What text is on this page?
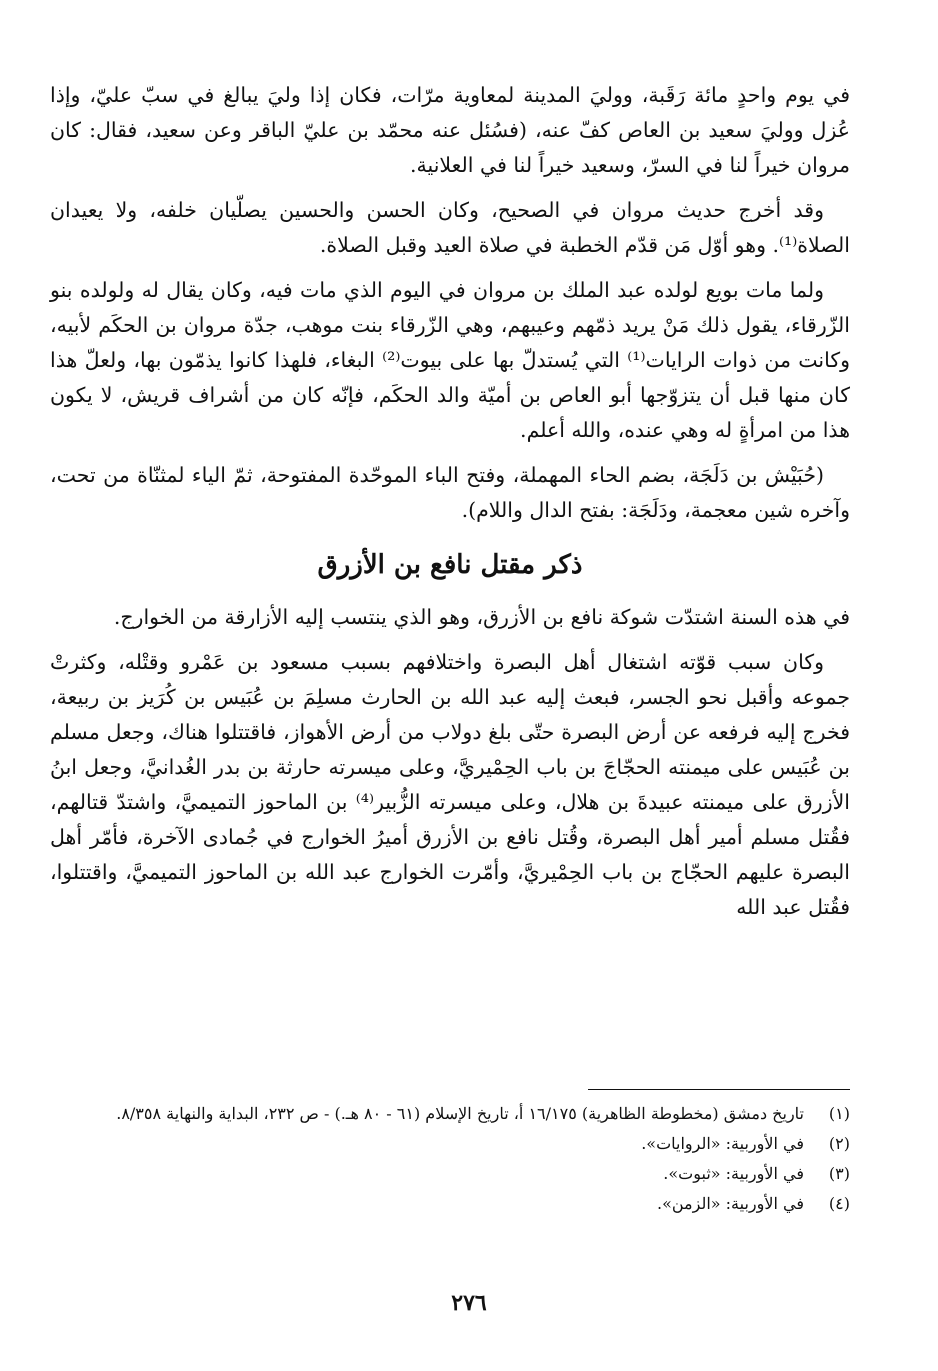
في يوم واحدٍ مائة رَقَبة، ووليَ المدينة لمعاوية مرّات، فكان إذا وليَ يبالغ في سبّ عليّ، وإذا عُزل ووليَ سعيد بن العاص كفّ عنه، (فسُئل عنه محمّد بن عليّ الباقر وعن سعيد، فقال: كان مروان خيراً لنا في السرّ، وسعيد خيراً لنا في العلانية.

وقد أخرج حديث مروان في الصحيح، وكان الحسن والحسين يصلّيان خلفه، ولا يعيدان الصلاة⁽¹⁾. وهو أوّل مَن قدّم الخطبة في صلاة العيد وقبل الصلاة.

ولما مات بويع لولده عبد الملك بن مروان في اليوم الذي مات فيه، وكان يقال له ولولده بنو الزّرقاء، يقول ذلك مَنْ يريد ذمّهم وعيبهم، وهي الزّرقاء بنت موهب، جدّة مروان بن الحكَم لأبيه، وكانت من ذوات الرايات⁽¹⁾ التي يُستدلّ بها على بيوت⁽²⁾ البغاء، فلهذا كانوا يذمّون بها، ولعلّ هذا كان منها قبل أن يتزوّجها أبو العاص بن أميّة والد الحكَم، فإنّه كان من أشراف قريش، لا يكون هذا من امرأةٍ له وهي عنده، والله أعلم.

(حُبَيْش بن دَلَجَة، بضم الحاء المهملة، وفتح الباء الموحّدة المفتوحة، ثمّ الياء لمثنّاة من تحت، وآخره شين معجمة، ودَلَجَة: بفتح الدال واللام).

ذكر مقتل نافع بن الأزرق

في هذه السنة اشتدّت شوكة نافع بن الأزرق، وهو الذي ينتسب إليه الأزارقة من الخوارج.

وكان سبب قوّته اشتغال أهل البصرة واختلافهم بسبب مسعود بن عَمْرو وقتْله، وكثرتْ جموعه وأقبل نحو الجسر، فبعث إليه عبد الله بن الحارث مسلِمَ بن عُبَيس بن كُرَيز بن ربيعة، فخرج إليه فرفعه عن أرض البصرة حتّى بلغ دولاب من أرض الأهواز، فاقتتلوا هناك، وجعل مسلم بن عُبَيس على ميمنته الحجّاجَ بن باب الحِمْيريَّ، وعلى ميسرته حارثة بن بدر الغُدانيَّ، وجعل ابنُ الأزرق على ميمنته عبيدةَ بن هلال، وعلى ميسرته الزُّبير⁽⁴⁾ بن الماحوز التميميَّ، واشتدّ قتالهم، فقُتل مسلم أمير أهل البصرة، وقُتل نافع بن الأزرق أميرُ الخوارج في جُمادى الآخرة، فأمّر أهل البصرة عليهم الحجّاج بن باب الحِمْيريَّ، وأمّرت الخوارج عبد الله بن الماحوز التميميَّ، واقتتلوا، فقُتل عبد الله

(١)
تاريخ دمشق (مخطوطة الظاهرية) ١٦/١٧٥ أ، تاريخ الإسلام (٦١ - ٨٠ هـ.) - ص ٢٣٢، البداية والنهاية ٨/٣٥٨.
(٢)
في الأوربية: «الروايات».
(٣)
في الأوربية: «ثبوت».
(٤)
في الأوربية: «الزمن».
٢٧٦
